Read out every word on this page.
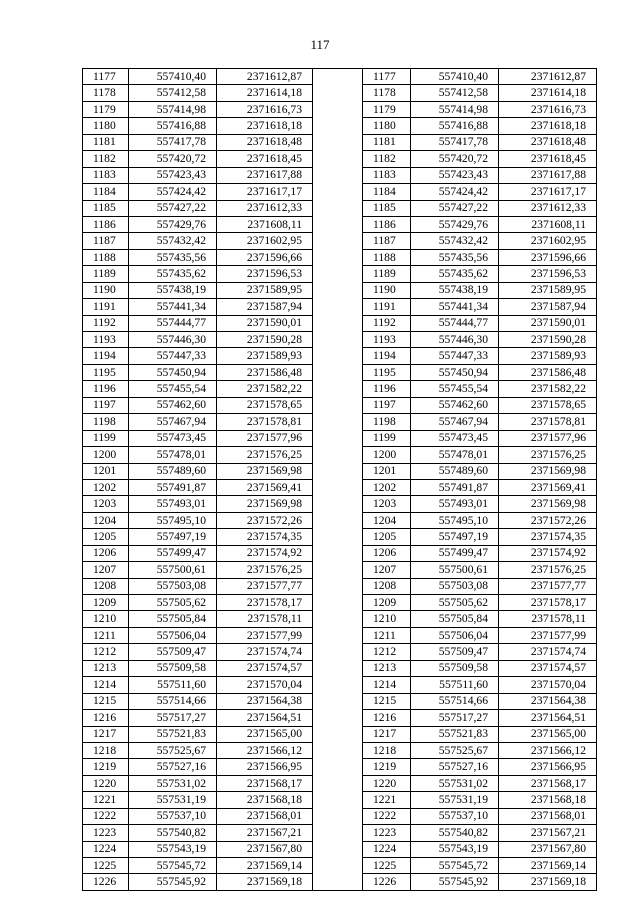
117
1177	557410,40	2371612,87		1177	557410,40	2371612,87
1178	557412,58	2371614,18		1178	557412,58	2371614,18
1179	557414,98	2371616,73		1179	557414,98	2371616,73
1180	557416,88	2371618,18		1180	557416,88	2371618,18
1181	557417,78	2371618,48		1181	557417,78	2371618,48
1182	557420,72	2371618,45		1182	557420,72	2371618,45
1183	557423,43	2371617,88		1183	557423,43	2371617,88
1184	557424,42	2371617,17		1184	557424,42	2371617,17
1185	557427,22	2371612,33		1185	557427,22	2371612,33
1186	557429,76	2371608,11		1186	557429,76	2371608,11
1187	557432,42	2371602,95		1187	557432,42	2371602,95
1188	557435,56	2371596,66		1188	557435,56	2371596,66
1189	557435,62	2371596,53		1189	557435,62	2371596,53
1190	557438,19	2371589,95		1190	557438,19	2371589,95
1191	557441,34	2371587,94		1191	557441,34	2371587,94
1192	557444,77	2371590,01		1192	557444,77	2371590,01
1193	557446,30	2371590,28		1193	557446,30	2371590,28
1194	557447,33	2371589,93		1194	557447,33	2371589,93
1195	557450,94	2371586,48		1195	557450,94	2371586,48
1196	557455,54	2371582,22		1196	557455,54	2371582,22
1197	557462,60	2371578,65		1197	557462,60	2371578,65
1198	557467,94	2371578,81		1198	557467,94	2371578,81
1199	557473,45	2371577,96		1199	557473,45	2371577,96
1200	557478,01	2371576,25		1200	557478,01	2371576,25
1201	557489,60	2371569,98		1201	557489,60	2371569,98
1202	557491,87	2371569,41		1202	557491,87	2371569,41
1203	557493,01	2371569,98		1203	557493,01	2371569,98
1204	557495,10	2371572,26		1204	557495,10	2371572,26
1205	557497,19	2371574,35		1205	557497,19	2371574,35
1206	557499,47	2371574,92		1206	557499,47	2371574,92
1207	557500,61	2371576,25		1207	557500,61	2371576,25
1208	557503,08	2371577,77		1208	557503,08	2371577,77
1209	557505,62	2371578,17		1209	557505,62	2371578,17
1210	557505,84	2371578,11		1210	557505,84	2371578,11
1211	557506,04	2371577,99		1211	557506,04	2371577,99
1212	557509,47	2371574,74		1212	557509,47	2371574,74
1213	557509,58	2371574,57		1213	557509,58	2371574,57
1214	557511,60	2371570,04		1214	557511,60	2371570,04
1215	557514,66	2371564,38		1215	557514,66	2371564,38
1216	557517,27	2371564,51		1216	557517,27	2371564,51
1217	557521,83	2371565,00		1217	557521,83	2371565,00
1218	557525,67	2371566,12		1218	557525,67	2371566,12
1219	557527,16	2371566,95		1219	557527,16	2371566,95
1220	557531,02	2371568,17		1220	557531,02	2371568,17
1221	557531,19	2371568,18		1221	557531,19	2371568,18
1222	557537,10	2371568,01		1222	557537,10	2371568,01
1223	557540,82	2371567,21		1223	557540,82	2371567,21
1224	557543,19	2371567,80		1224	557543,19	2371567,80
1225	557545,72	2371569,14		1225	557545,72	2371569,14
1226	557545,92	2371569,18		1226	557545,92	2371569,18
